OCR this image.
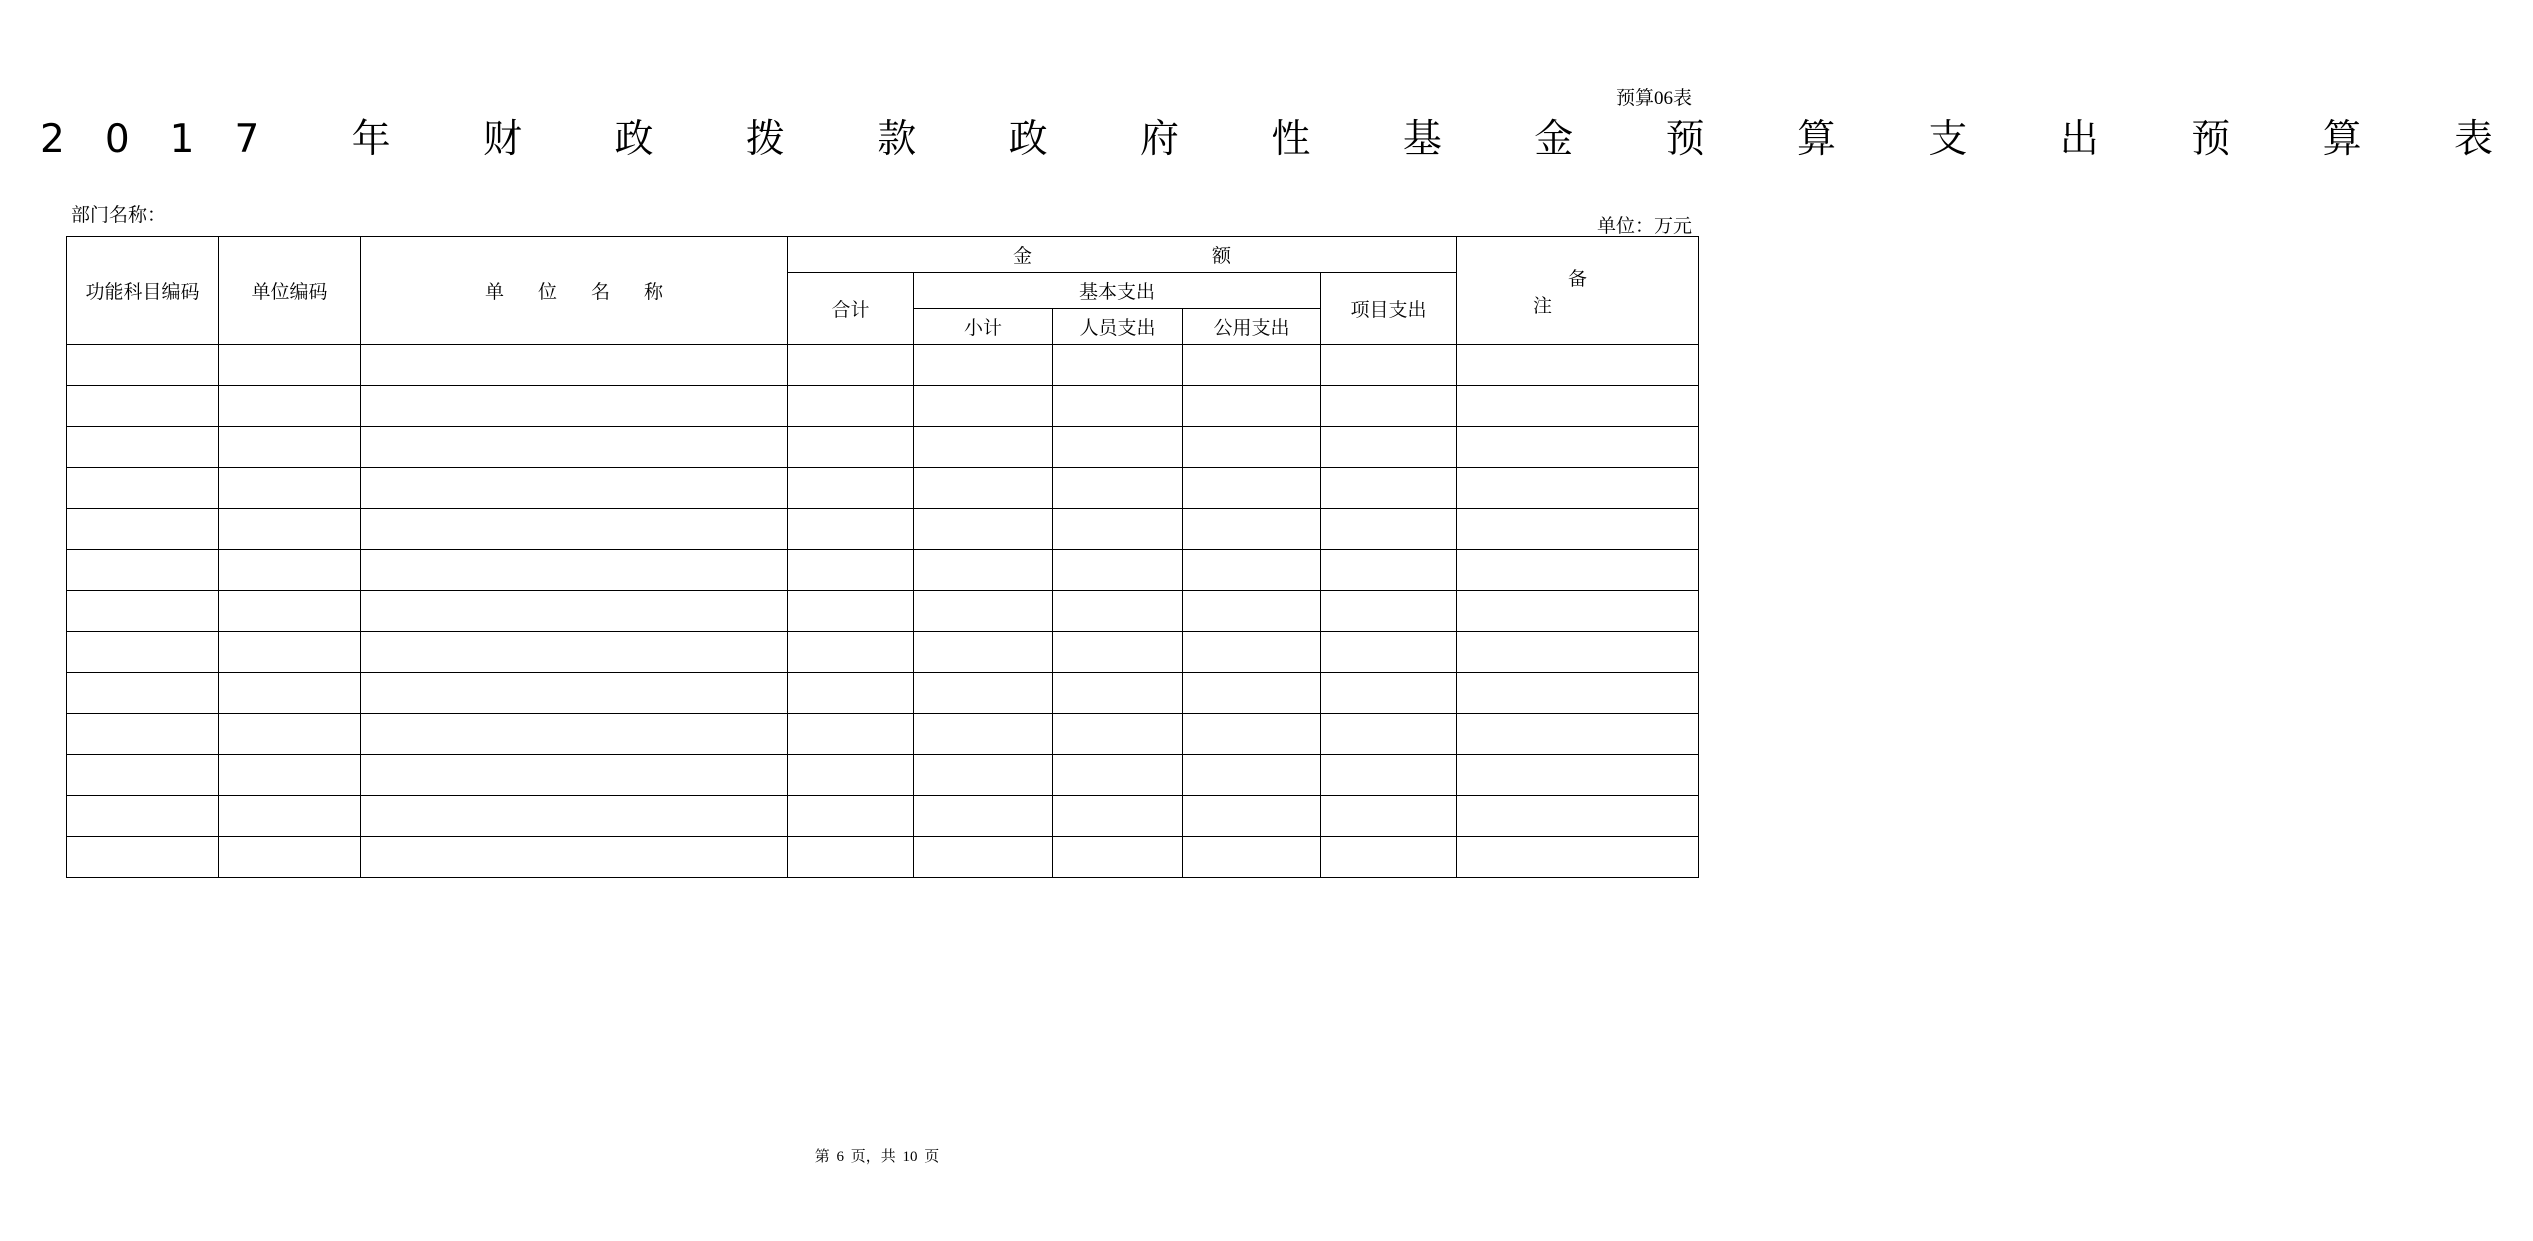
预算06表
2017 年 财 政 拨 款 政 府 性 基 金 预 算 支 出 预 算 表
部门名称：
单位：万元
功能科目编码	单位编码	单位名称	金额					备注
			合计	基本支出			项目支出	
				小计	人员支出	公用支出		

第 6 页，共 10 页
